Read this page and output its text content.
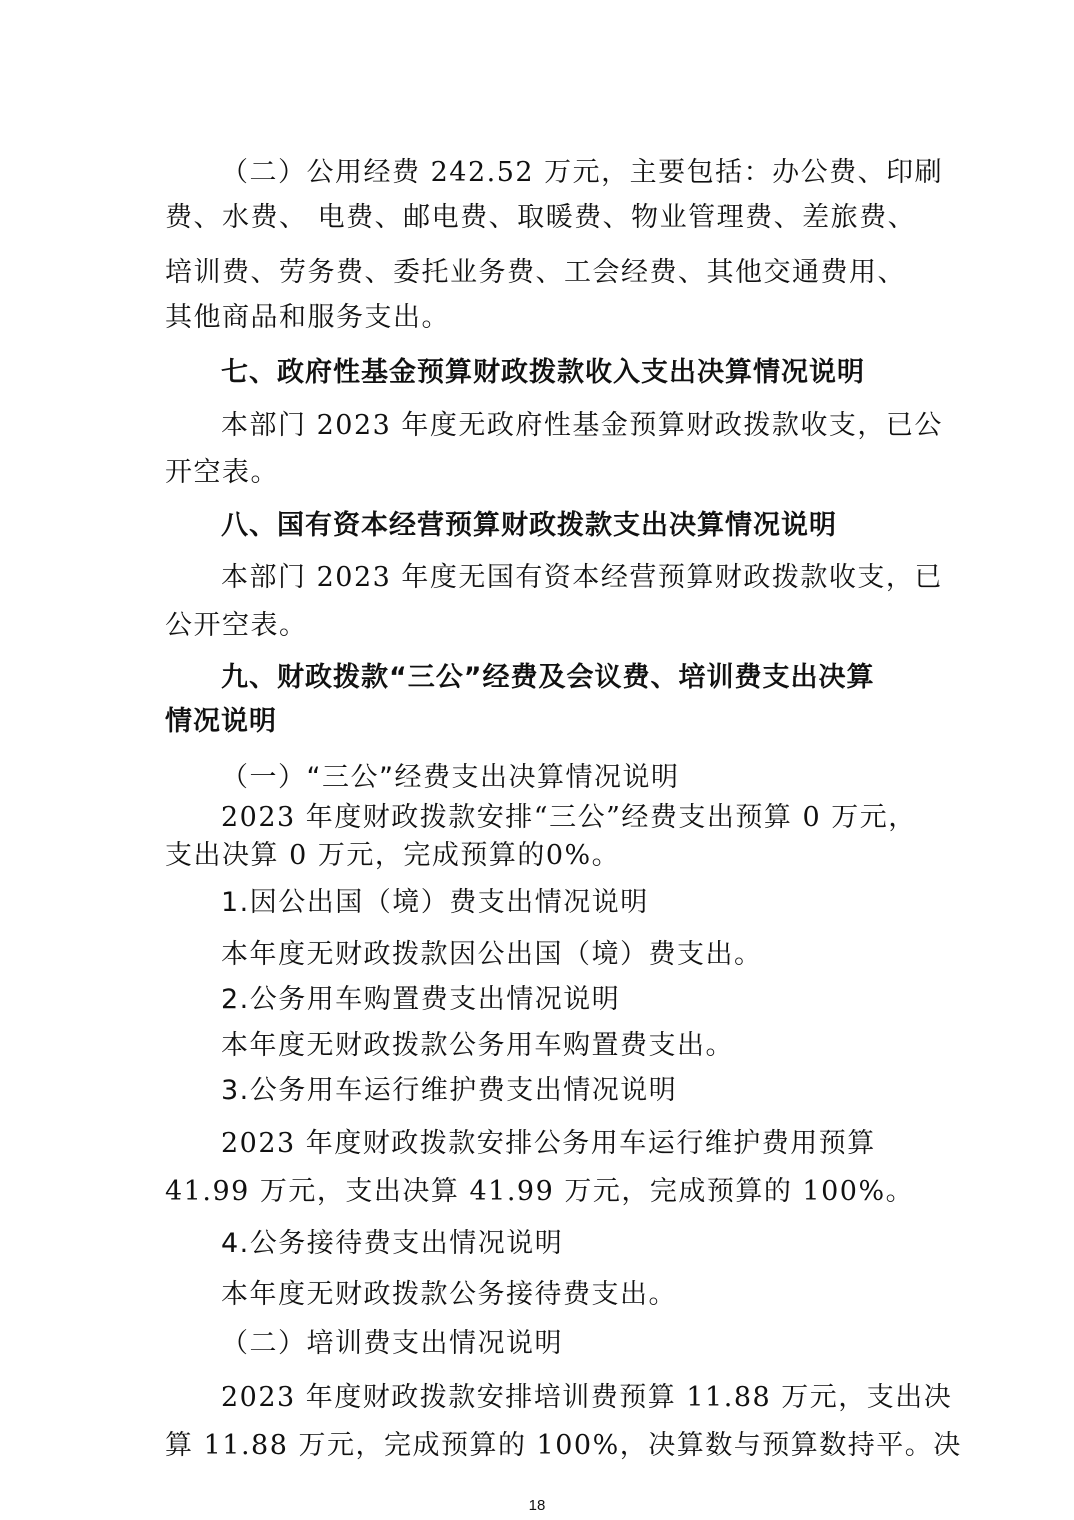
（二）公用经费 242.52 万元，主要包括：办公费、印刷
费、水费、 电费、邮电费、取暖费、物业管理费、差旅费、
培训费、劳务费、委托业务费、工会经费、其他交通费用、
其他商品和服务支出。
七、政府性基金预算财政拨款收入支出决算情况说明
本部门 2023 年度无政府性基金预算财政拨款收支，已公
开空表。
八、国有资本经营预算财政拨款支出决算情况说明
本部门 2023 年度无国有资本经营预算财政拨款收支，已
公开空表。
九、财政拨款“三公”经费及会议费、培训费支出决算
情况说明
（一）“三公”经费支出决算情况说明
2023 年度财政拨款安排“三公”经费支出预算 0 万元，
支出决算 0 万元，完成预算的0%。
1.因公出国（境）费支出情况说明
本年度无财政拨款因公出国（境）费支出。
2.公务用车购置费支出情况说明
本年度无财政拨款公务用车购置费支出。
3.公务用车运行维护费支出情况说明
2023 年度财政拨款安排公务用车运行维护费用预算
41.99 万元，支出决算 41.99 万元，完成预算的 100%。
4.公务接待费支出情况说明
本年度无财政拨款公务接待费支出。
（二）培训费支出情况说明
2023 年度财政拨款安排培训费预算 11.88 万元，支出决
算 11.88 万元，完成预算的 100%，决算数与预算数持平。决
18
